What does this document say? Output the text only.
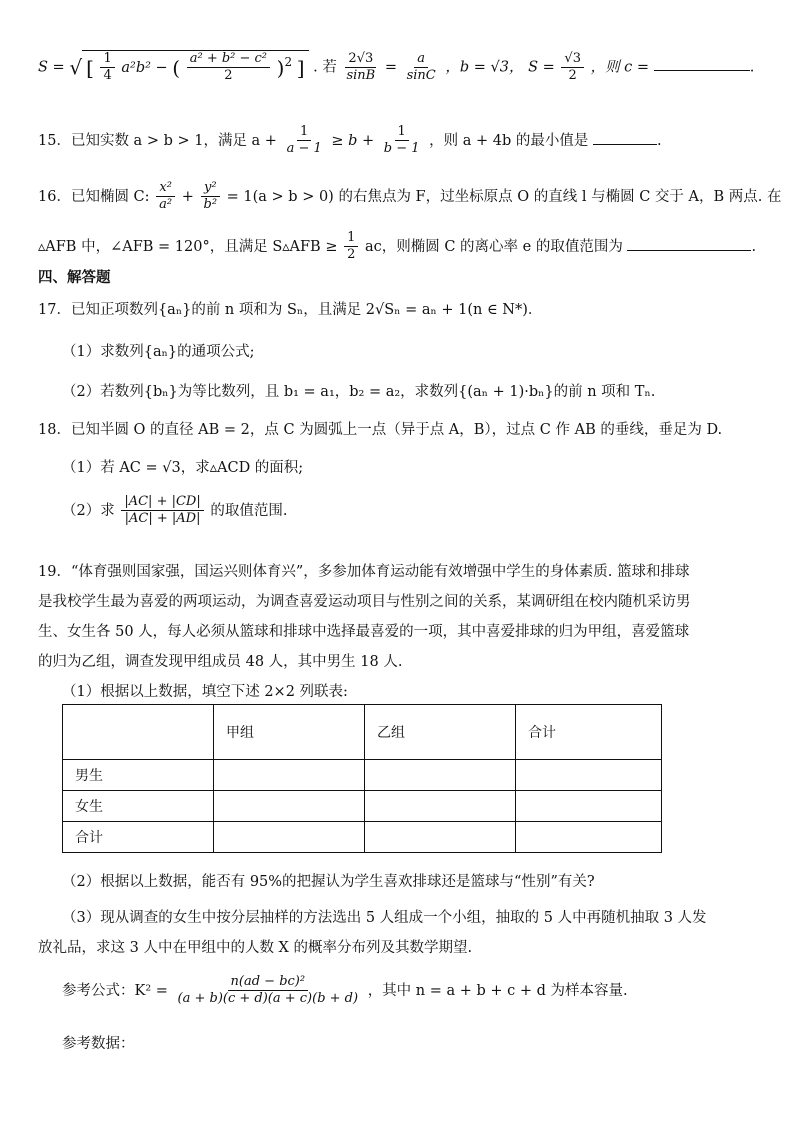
S = √ [ $\frac{1}{4} a^2b^2$ − ( $\frac{\text{a² + b² − c²}}{2} )^2$ ] . 若 $\frac{2√3}{\sin B} = \frac{a}{\sin C}$ ，b = √3， $S = \frac{√3}{2}$ ，则 c =	.
15．已知实数 a > b > 1，满足 $a + \frac{1}{a - 1} \ge b + \frac{1}{b - 1}$ ，则 a + 4b 的最小值是	.
16．已知椭圆 C: $\frac{\text{x²}}{\text{a²}} + \frac{\text{y²}}{\text{b²}} = 1(a > b > 0)$ 的右焦点为 F，过坐标原点 O 的直线 l 与椭圆 C 交于 A，B 两点. 在
▵AFB 中，∠AFB = 120°，且满足 S▵AFB ≥ $\frac{1}{2}$ ac，则椭圆 C 的离心率 e 的取值范围为	.
四、解答题
17．已知正项数列{aₙ}的前 n 项和为 Sₙ，且满足 2√Sₙ = aₙ + 1(n ∈ N*)．
（1）求数列{aₙ}的通项公式;
（2）若数列{bₙ}为等比数列，且 b₁ = a₁，b₂ = a₂，求数列{(aₙ + 1)·bₙ}的前 n 项和 Tₙ.
18．已知半圆 O 的直径 AB = 2，点 C 为圆弧上一点（异于点 A，B），过点 C 作 AB 的垂线，垂足为 D.
（1）若 AC = √3，求▵ACD 的面积;
（2）求 $\frac{|AC| + |CD|}{|AC| + |AD|}$ 的取值范围.
19．“体育强则国家强，国运兴则体育兴”，多参加体育运动能有效增强中学生的身体素质. 篮球和排球
是我校学生最为喜爱的两项运动，为调查喜爱运动项目与性别之间的关系，某调研组在校内随机采访男
生、女生各 50 人，每人必须从篮球和排球中选择最喜爱的一项，其中喜爱排球的归为甲组，喜爱篮球
的归为乙组，调查发现甲组成员 48 人，其中男生 18 人.
（1）根据以上数据，填空下述 2×2 列联表:
	甲组	乙组	合计
男生			
女生			
合计			
（2）根据以上数据，能否有 95%的把握认为学生喜欢排球还是篮球与“性别”有关?
（3）现从调查的女生中按分层抽样的方法选出 5 人组成一个小组，抽取的 5 人中再随机抽取 3 人发
放礼品，求这 3 人中在甲组中的人数 X 的概率分布列及其数学期望.
参考公式：$K^2 = \frac{\text{n(ad − bc)²}}{(a + b)(c + d)(a + c)(b + d)}$ ，其中 n = a + b + c + d 为样本容量.
参考数据：
